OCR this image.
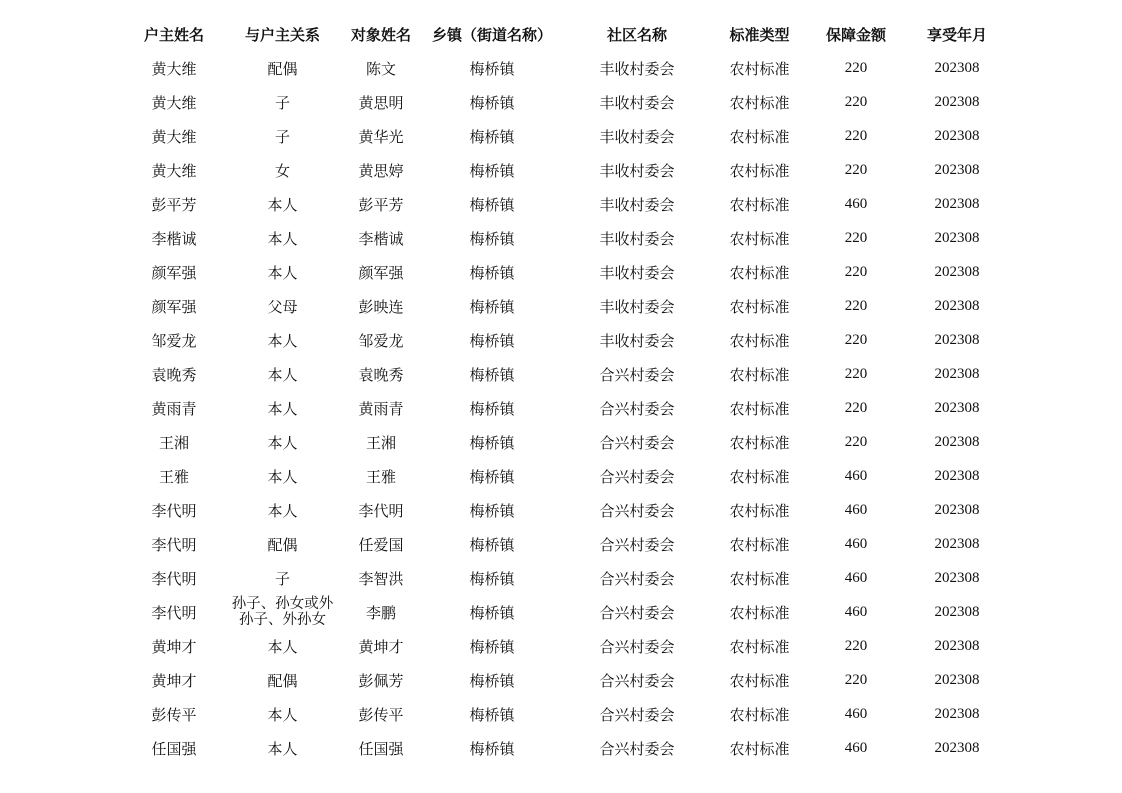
户主姓名	与户主关系	对象姓名	乡镇（街道名称）	社区名称	标准类型	保障金额	享受年月
黄大维	配偶	陈文	梅桥镇	丰收村委会	农村标准	220	202308
黄大维	子	黄思明	梅桥镇	丰收村委会	农村标准	220	202308
黄大维	子	黄华光	梅桥镇	丰收村委会	农村标准	220	202308
黄大维	女	黄思婷	梅桥镇	丰收村委会	农村标准	220	202308
彭平芳	本人	彭平芳	梅桥镇	丰收村委会	农村标准	460	202308
李楷诚	本人	李楷诚	梅桥镇	丰收村委会	农村标准	220	202308
颜军强	本人	颜军强	梅桥镇	丰收村委会	农村标准	220	202308
颜军强	父母	彭映连	梅桥镇	丰收村委会	农村标准	220	202308
邹爱龙	本人	邹爱龙	梅桥镇	丰收村委会	农村标准	220	202308
袁晚秀	本人	袁晚秀	梅桥镇	合兴村委会	农村标准	220	202308
黄雨青	本人	黄雨青	梅桥镇	合兴村委会	农村标准	220	202308
王湘	本人	王湘	梅桥镇	合兴村委会	农村标准	220	202308
王雅	本人	王雅	梅桥镇	合兴村委会	农村标准	460	202308
李代明	本人	李代明	梅桥镇	合兴村委会	农村标准	460	202308
李代明	配偶	任爱国	梅桥镇	合兴村委会	农村标准	460	202308
李代明	子	李智洪	梅桥镇	合兴村委会	农村标准	460	202308
李代明	孙子、孙女或外孙子、外孙女	李鹏	梅桥镇	合兴村委会	农村标准	460	202308
黄坤才	本人	黄坤才	梅桥镇	合兴村委会	农村标准	220	202308
黄坤才	配偶	彭佩芳	梅桥镇	合兴村委会	农村标准	220	202308
彭传平	本人	彭传平	梅桥镇	合兴村委会	农村标准	460	202308
任国强	本人	任国强	梅桥镇	合兴村委会	农村标准	460	202308
